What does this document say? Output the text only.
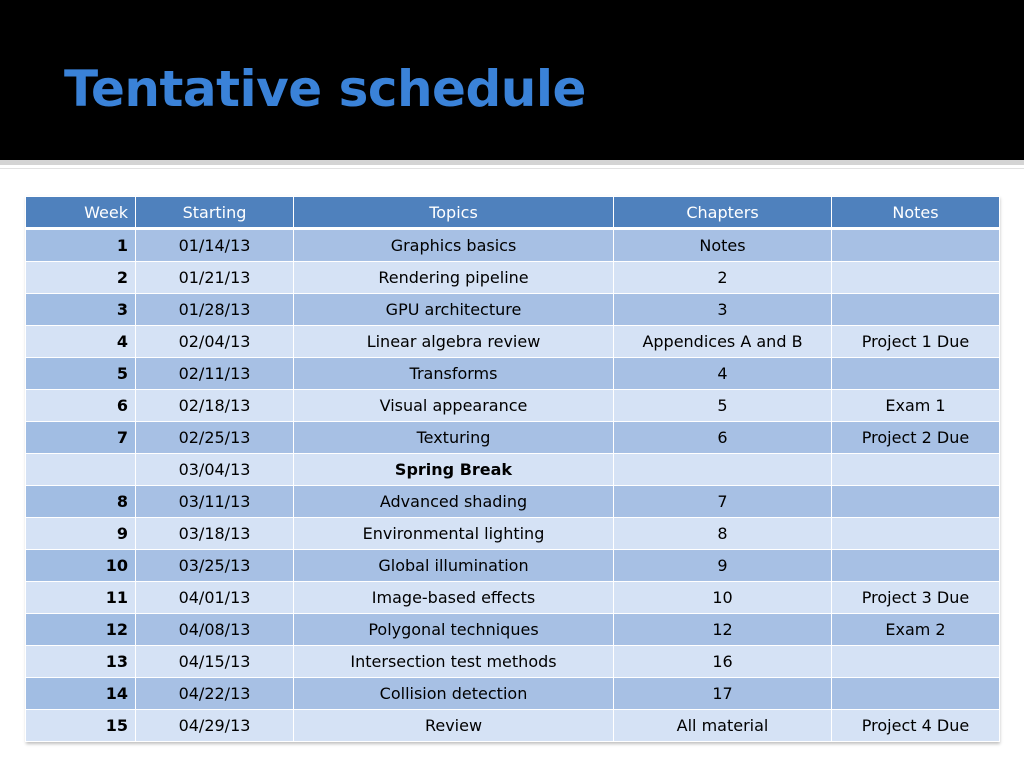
Tentative schedule
Week	Starting	Topics	Chapters	Notes
1	01/14/13	Graphics basics	Notes	
2	01/21/13	Rendering pipeline	2	
3	01/28/13	GPU architecture	3	
4	02/04/13	Linear algebra review	Appendices A and B	Project 1 Due
5	02/11/13	Transforms	4	
6	02/18/13	Visual appearance	5	Exam 1
7	02/25/13	Texturing	6	Project 2 Due
	03/04/13	Spring Break		
8	03/11/13	Advanced shading	7	
9	03/18/13	Environmental lighting	8	
10	03/25/13	Global illumination	9	
11	04/01/13	Image-based effects	10	Project 3 Due
12	04/08/13	Polygonal techniques	12	Exam 2
13	04/15/13	Intersection test methods	16	
14	04/22/13	Collision detection	17	
15	04/29/13	Review	All material	Project 4 Due
